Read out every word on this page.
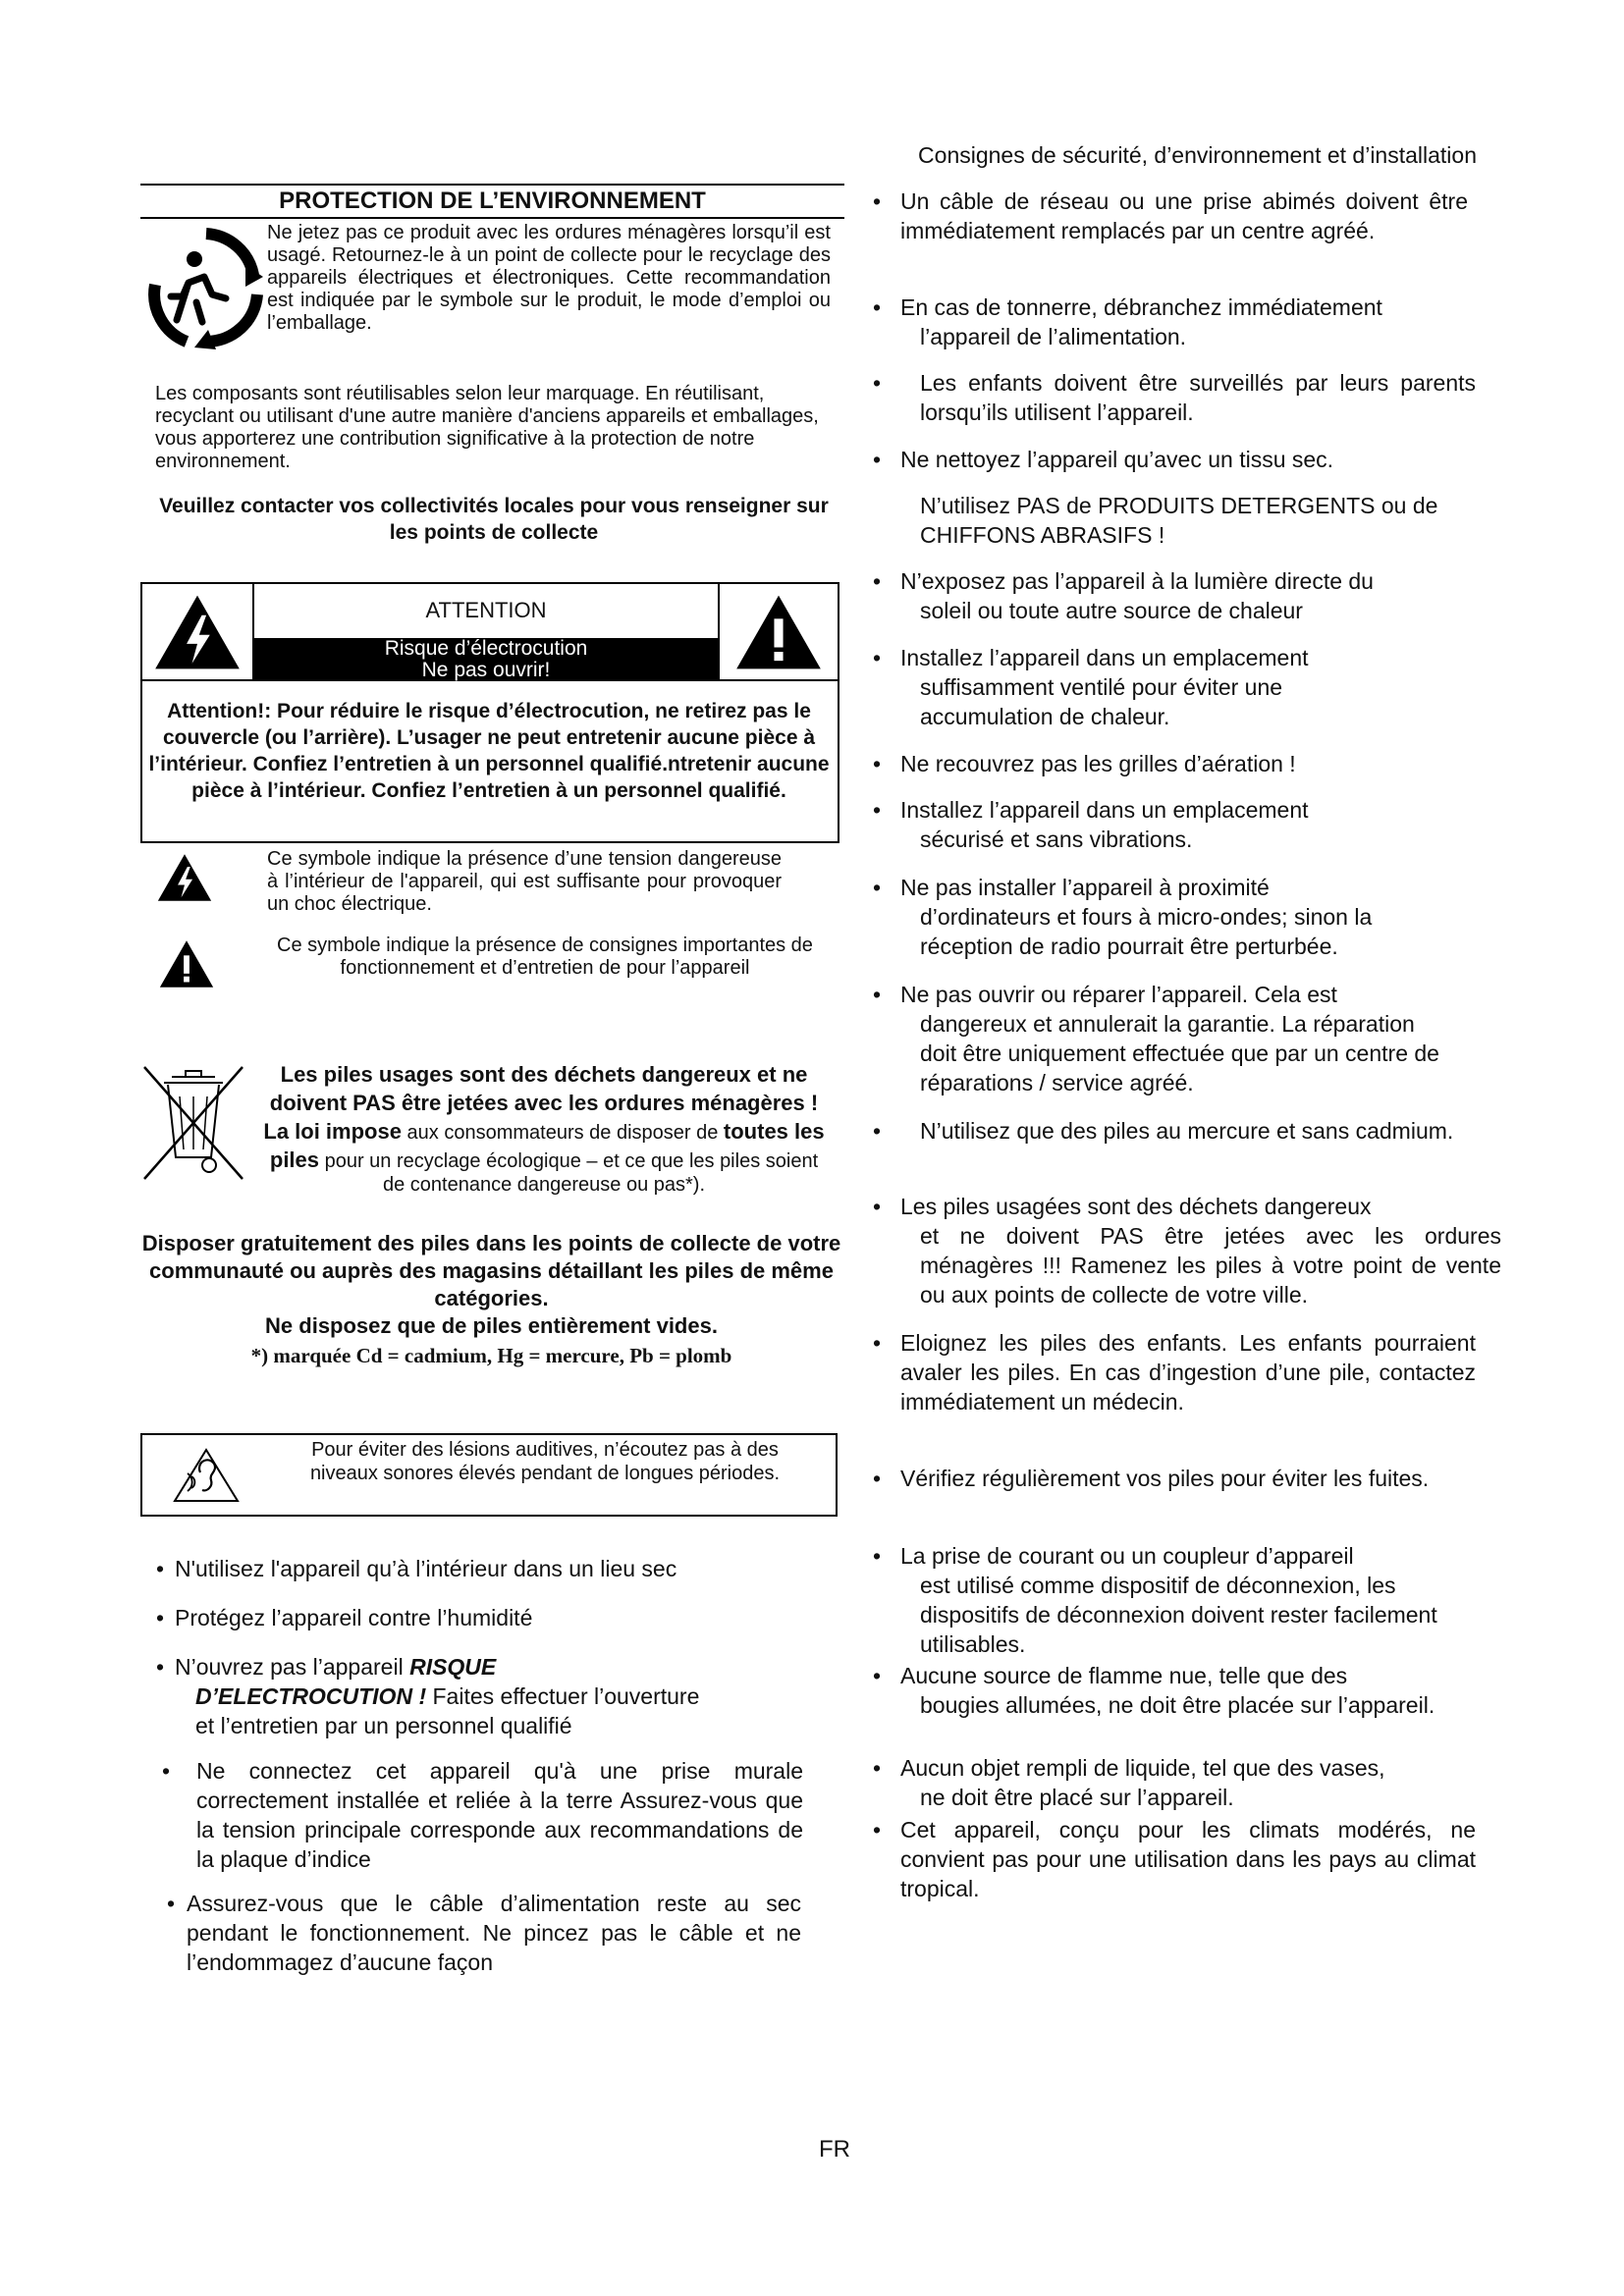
PROTECTION DE L’ENVIRONNEMENT
Ne jetez pas ce produit avec les ordures ménagères lorsqu’il est usagé. Retournez-le à un point de collecte pour le recyclage des appareils électriques et électroniques. Cette recommandation est indiquée par le symbole sur le produit, le mode d’emploi ou l’emballage.
Les composants sont réutilisables selon leur marquage. En réutilisant, recyclant ou utilisant d'une autre manière d'anciens appareils et emballages, vous apporterez une contribution significative à la protection de notre environnement.
Veuillez contacter vos collectivités locales pour vous renseigner sur les points de collecte
ATTENTION
Risque d’électrocution
Ne pas ouvrir!
Attention!: Pour réduire le risque d’électrocution, ne retirez pas le couvercle (ou l’arrière). L’usager ne peut entretenir aucune pièce à l’intérieur. Confiez l’entretien à un personnel qualifié.ntretenir aucune pièce à l’intérieur. Confiez l’entretien à un personnel qualifié.
Ce symbole indique la présence d’une tension dangereuse à l’intérieur de l'appareil, qui est suffisante pour provoquer un choc électrique.
Ce symbole indique la présence de consignes importantes de fonctionnement et d’entretien de pour l’appareil
Les piles usages sont des déchets dangereux et ne doivent PAS être jetées avec les ordures ménagères ! La loi impose aux consommateurs de disposer de toutes les piles pour un recyclage écologique – et ce que les piles soient de contenance dangereuse ou pas*).
Disposer gratuitement des piles dans les points de collecte de votre communauté ou auprès des magasins détaillant les piles de même catégories.
Ne disposez que de piles entièrement vides.
*) marquée Cd = cadmium, Hg = mercure, Pb = plomb
Pour éviter des lésions auditives, n’écoutez pas à des niveaux sonores élevés pendant de longues périodes.
• N'utilisez l'appareil qu’à l’intérieur dans un lieu sec
• Protégez l’appareil contre l’humidité
• N’ouvrez pas l’appareil RISQUE
D’ELECTROCUTION ! Faites effectuer l’ouverture
et l’entretien par un personnel qualifié
• Ne connectez cet appareil qu'à une prise murale correctement installée et reliée à la terre Assurez-vous que la tension principale corresponde aux recommandations de la plaque d’indice
• Assurez-vous que le câble d’alimentation reste au sec pendant le fonctionnement. Ne pincez pas le câble et ne l’endommagez d’aucune façon
Consignes de sécurité, d’environnement et d’installation
• Un câble de réseau ou une prise abimés doivent être immédiatement remplacés par un centre agréé.
• En cas de tonnerre, débranchez immédiatement
l’appareil de l’alimentation.
• Les enfants doivent être surveillés par leurs parents lorsqu’ils utilisent l’appareil.
• Ne nettoyez l’appareil qu’avec un tissu sec.
N’utilisez PAS de PRODUITS DETERGENTS ou de CHIFFONS ABRASIFS !
• N’exposez pas l’appareil à la lumière directe du
soleil ou toute autre source de chaleur
• Installez l’appareil dans un emplacement
suffisamment ventilé pour éviter une accumulation de chaleur.
• Ne recouvrez pas les grilles d’aération !
• Installez l’appareil dans un emplacement
sécurisé et sans vibrations.
• Ne pas installer l’appareil à proximité
d’ordinateurs et fours à micro-ondes; sinon la réception de radio pourrait être perturbée.
• Ne pas ouvrir ou réparer l’appareil. Cela est
dangereux et annulerait la garantie. La réparation doit être uniquement effectuée que par un centre de réparations / service agréé.
• N’utilisez que des piles au mercure et sans cadmium.
• Les piles usagées sont des déchets dangereux
et ne doivent PAS être jetées avec les ordures ménagères !!! Ramenez les piles à votre point de vente ou aux points de collecte de votre ville.
• Eloignez les piles des enfants. Les enfants pourraient avaler les piles. En cas d’ingestion d’une pile, contactez immédiatement un médecin.
• Vérifiez régulièrement vos piles pour éviter les fuites.
• La prise de courant ou un coupleur d’appareil
est utilisé comme dispositif de déconnexion, les dispositifs de déconnexion doivent rester facilement utilisables.
• Aucune source de flamme nue, telle que des
bougies allumées, ne doit être placée sur l’appareil.
• Aucun objet rempli de liquide, tel que des vases,
ne doit être placé sur l’appareil.
• Cet appareil, conçu pour les climats modérés, ne convient pas pour une utilisation dans les pays au climat tropical.
FR
